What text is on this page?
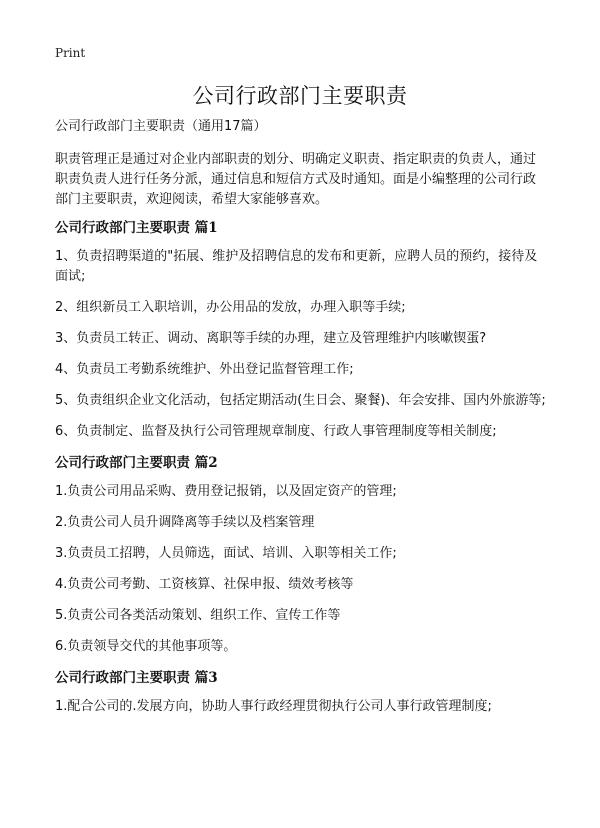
Print
公司行政部门主要职责

公司行政部门主要职责（通用17篇）

职责管理正是通过对企业内部职责的划分、明确定义职责、指定职责的负责人，通过职责负责人进行任务分派，通过信息和短信方式及时通知。面是小编整理的公司行政部门主要职责，欢迎阅读，希望大家能够喜欢。

公司行政部门主要职责 篇1

1、负责招聘渠道的"拓展、维护及招聘信息的发布和更新，应聘人员的预约，接待及面试;

2、组织新员工入职培训，办公用品的发放，办理入职等手续;

3、负责员工转正、调动、离职等手续的办理，建立及管理维护内咳嗽锲蛋?

4、负责员工考勤系统维护、外出登记监督管理工作;

5、负责组织企业文化活动，包括定期活动(生日会、聚餐)、年会安排、国内外旅游等;

6、负责制定、监督及执行公司管理规章制度、行政人事管理制度等相关制度;

公司行政部门主要职责 篇2

1.负责公司用品采购、费用登记报销，以及固定资产的管理;

2.负责公司人员升调降离等手续以及档案管理

3.负责员工招聘，人员筛选，面试、培训、入职等相关工作;

4.负责公司考勤、工资核算、社保申报、绩效考核等

5.负责公司各类活动策划、组织工作、宣传工作等

6.负责领导交代的其他事项等。

公司行政部门主要职责 篇3

1.配合公司的.发展方向，协助人事行政经理贯彻执行公司人事行政管理制度;
